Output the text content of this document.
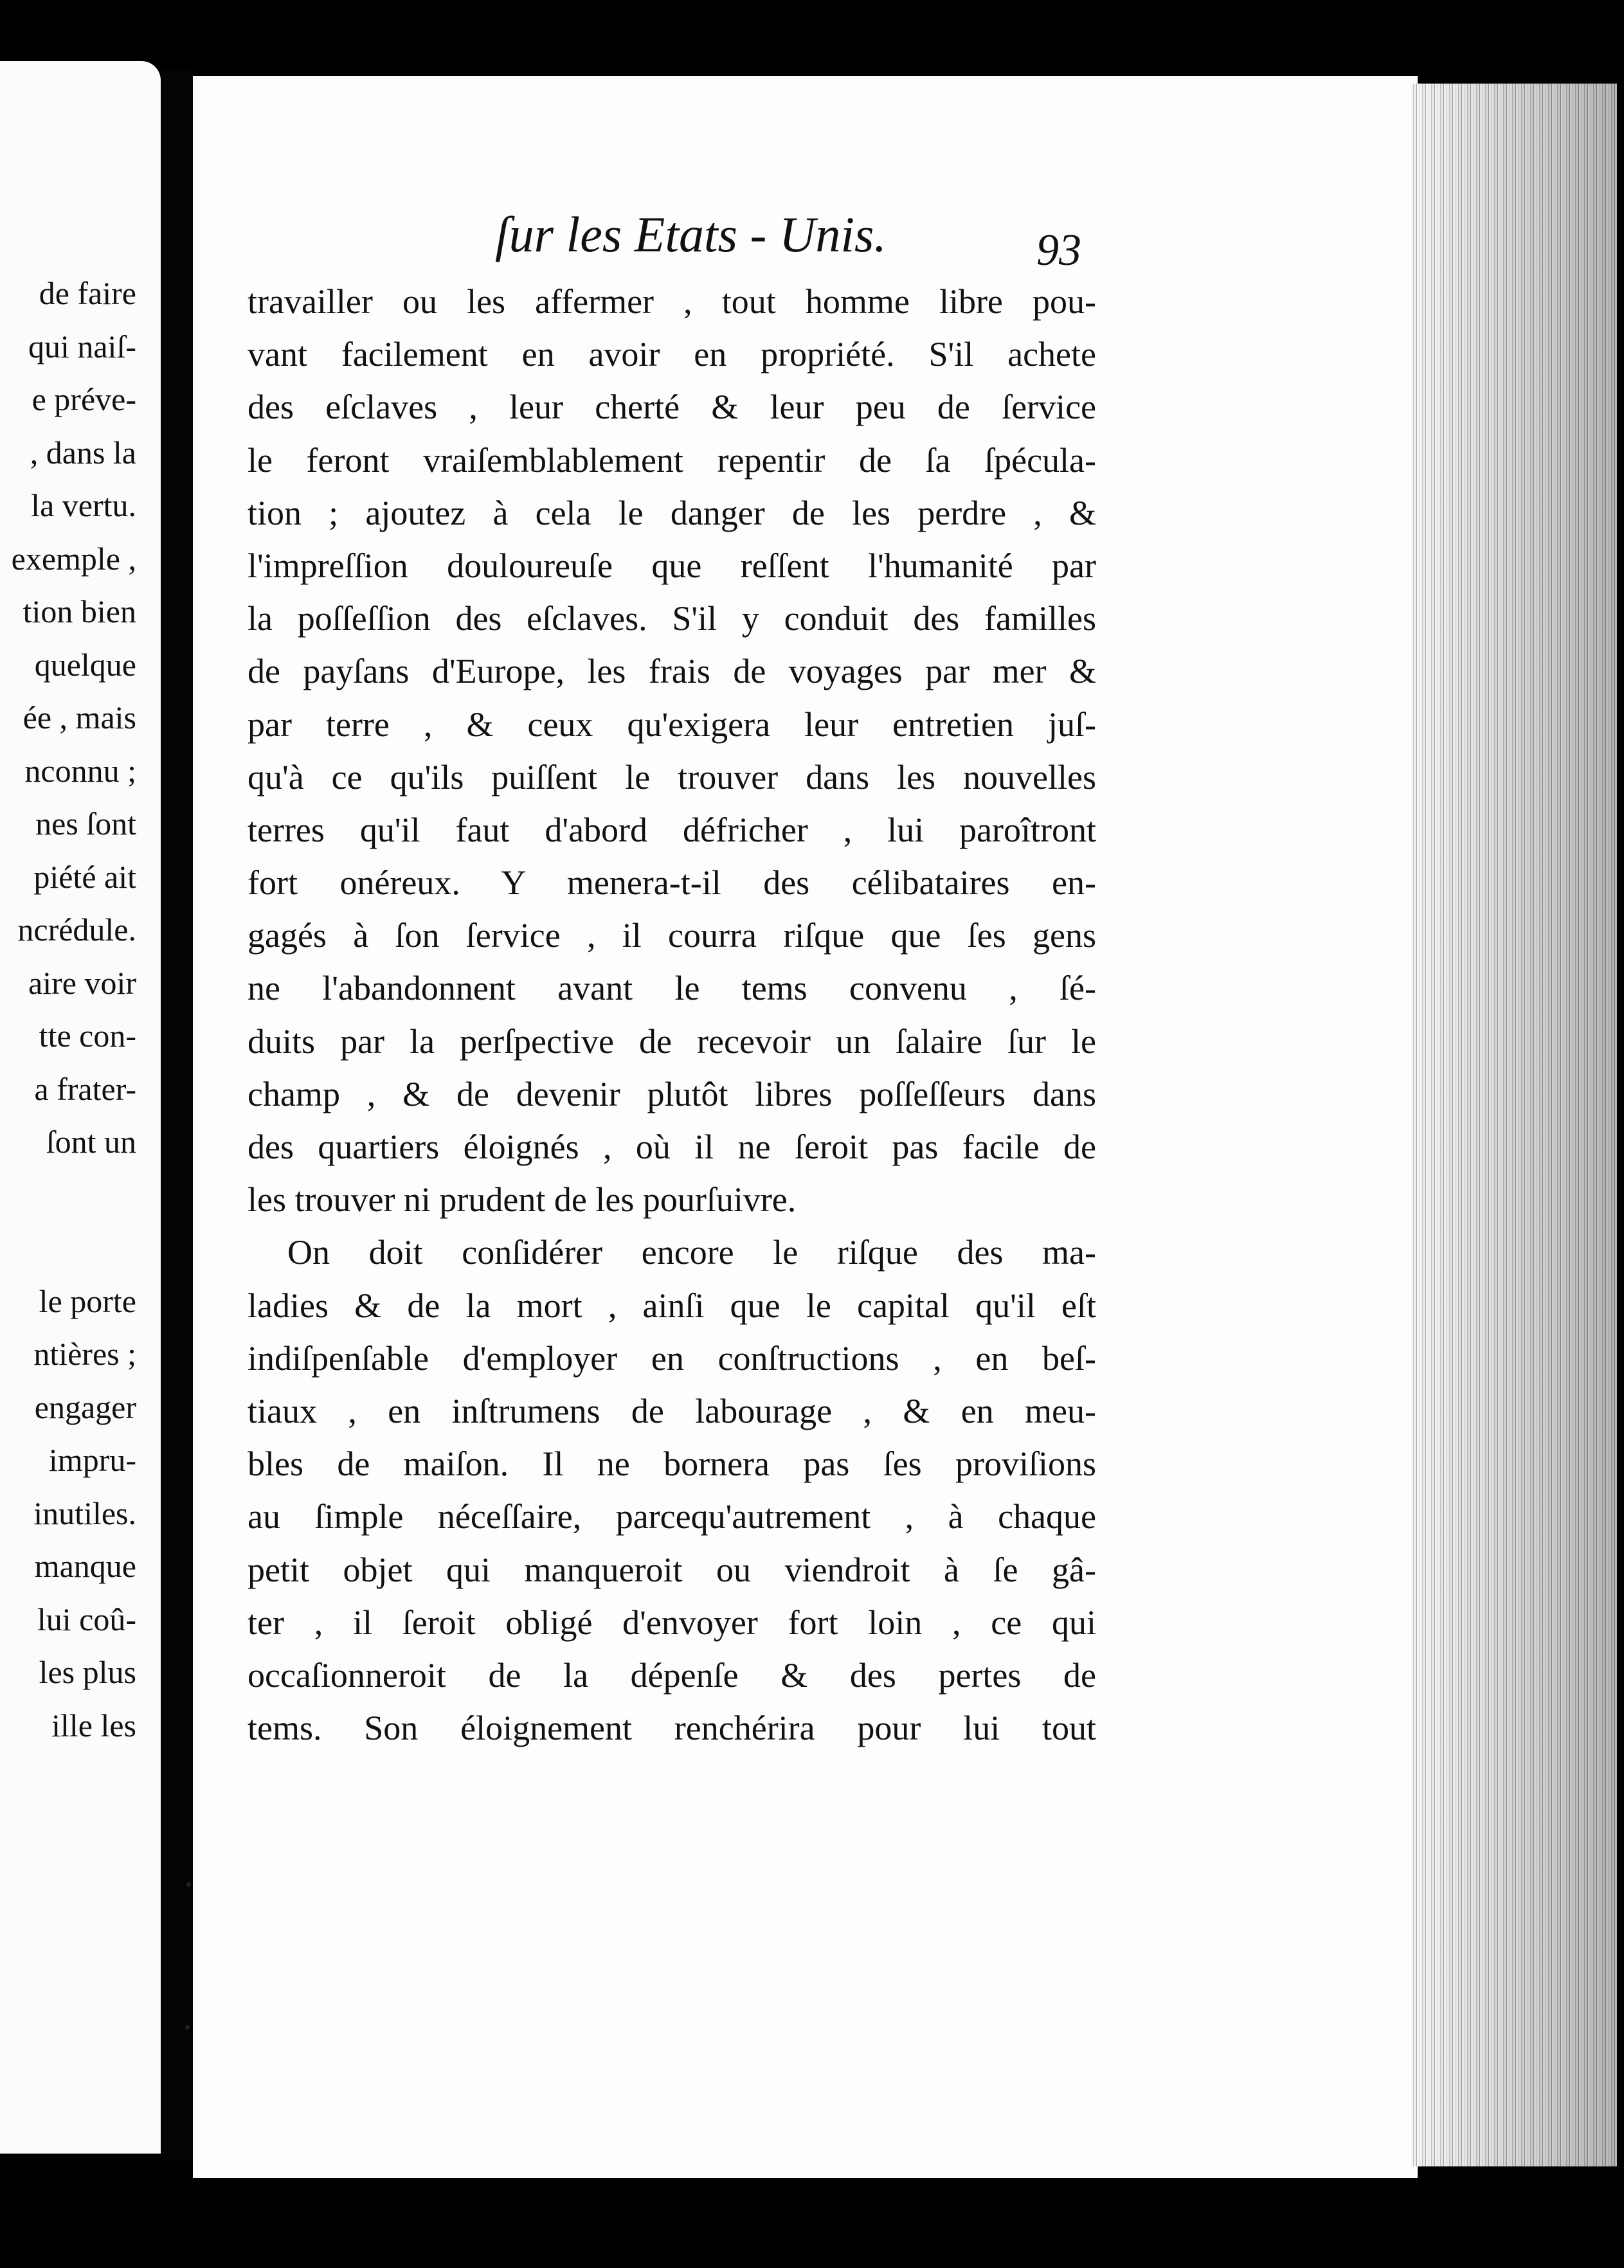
de faire
qui naiſ-
e préve-
, dans la
la vertu.
exemple ,
tion bien
quelque
ée , mais
nconnu ;
nes ſont
piété ait
ncrédule.
aire voir
tte con-
a frater-
ſont un
le porte
ntières ;
engager
impru-
inutiles.
manque
lui coû-
les plus
ille les
ſur les Etats - Unis.	93
travailler ou les affermer , tout homme libre pou-
vant facilement en avoir en propriété. S'il achete
des eſclaves , leur cherté & leur peu de ſervice
le feront vraiſemblablement repentir de ſa ſpécula-
tion ; ajoutez à cela le danger de les perdre , &
l'impreſſion douloureuſe que reſſent l'humanité par
la poſſeſſion des eſclaves. S'il y conduit des familles
de payſans d'Europe, les frais de voyages par mer &
par terre , & ceux qu'exigera leur entretien juſ-
qu'à ce qu'ils puiſſent le trouver dans les nouvelles
terres qu'il faut d'abord défricher , lui paroîtront
fort onéreux. Y menera-t-il des célibataires en-
gagés à ſon ſervice , il courra riſque que ſes gens
ne l'abandonnent avant le tems convenu , ſé-
duits par la perſpective de recevoir un ſalaire ſur le
champ , & de devenir plutôt libres poſſeſſeurs dans
des quartiers éloignés , où il ne ſeroit pas facile de
les trouver ni prudent de les pourſuivre.
On doit conſidérer encore le riſque des ma-
ladies & de la mort , ainſi que le capital qu'il eſt
indiſpenſable d'employer en conſtructions , en beſ-
tiaux , en inſtrumens de labourage , & en meu-
bles de maiſon. Il ne bornera pas ſes proviſions
au ſimple néceſſaire, parcequ'autrement , à chaque
petit objet qui manqueroit ou viendroit à ſe gâ-
ter , il ſeroit obligé d'envoyer fort loin , ce qui
occaſionneroit de la dépenſe & des pertes de
tems. Son éloignement renchérira pour lui tout
